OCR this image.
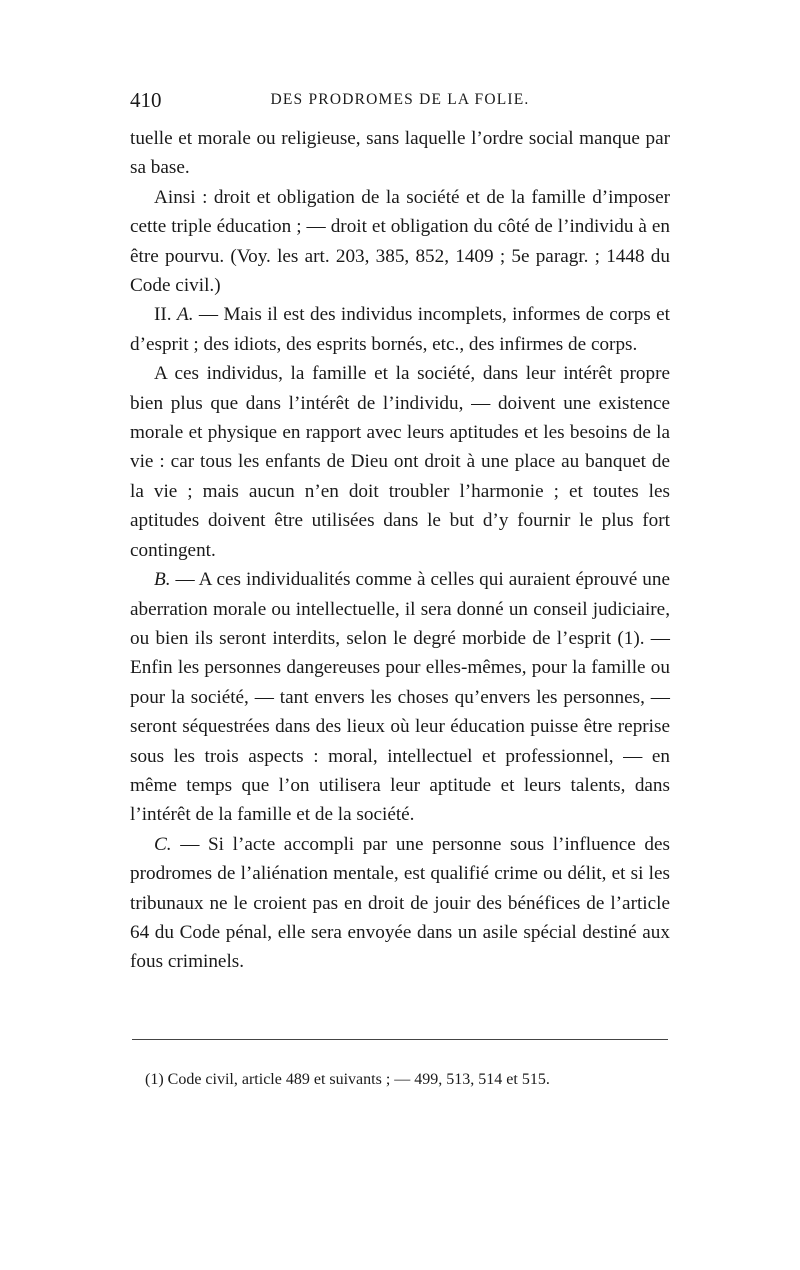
410	DES PRODROMES DE LA FOLIE.

tuelle et morale ou religieuse, sans laquelle l’ordre social manque par sa base.

Ainsi : droit et obligation de la société et de la famille d’imposer cette triple éducation ; — droit et obligation du côté de l’individu à en être pourvu. (Voy. les art. 203, 385, 852, 1409 ; 5e paragr. ; 1448 du Code civil.)

II. A. — Mais il est des individus incomplets, informes de corps et d’esprit ; des idiots, des esprits bornés, etc., des infirmes de corps.

A ces individus, la famille et la société, dans leur intérêt propre bien plus que dans l’intérêt de l’individu, — doivent une existence morale et physique en rapport avec leurs aptitudes et les besoins de la vie : car tous les enfants de Dieu ont droit à une place au banquet de la vie ; mais aucun n’en doit troubler l’harmonie ; et toutes les aptitudes doivent être utilisées dans le but d’y fournir le plus fort contingent.

B. — A ces individualités comme à celles qui auraient éprouvé une aberration morale ou intellectuelle, il sera donné un conseil judiciaire, ou bien ils seront interdits, selon le degré morbide de l’esprit (1). — Enfin les personnes dangereuses pour elles-mêmes, pour la famille ou pour la société, — tant envers les choses qu’envers les personnes, — seront séquestrées dans des lieux où leur éducation puisse être reprise sous les trois aspects : moral, intellectuel et professionnel, — en même temps que l’on utilisera leur aptitude et leurs talents, dans l’intérêt de la famille et de la société.

C. — Si l’acte accompli par une personne sous l’influence des prodromes de l’aliénation mentale, est qualifié crime ou délit, et si les tribunaux ne le croient pas en droit de jouir des bénéfices de l’article 64 du Code pénal, elle sera envoyée dans un asile spécial destiné aux fous criminels.

(1) Code civil, article 489 et suivants ; — 499, 513, 514 et 515.
